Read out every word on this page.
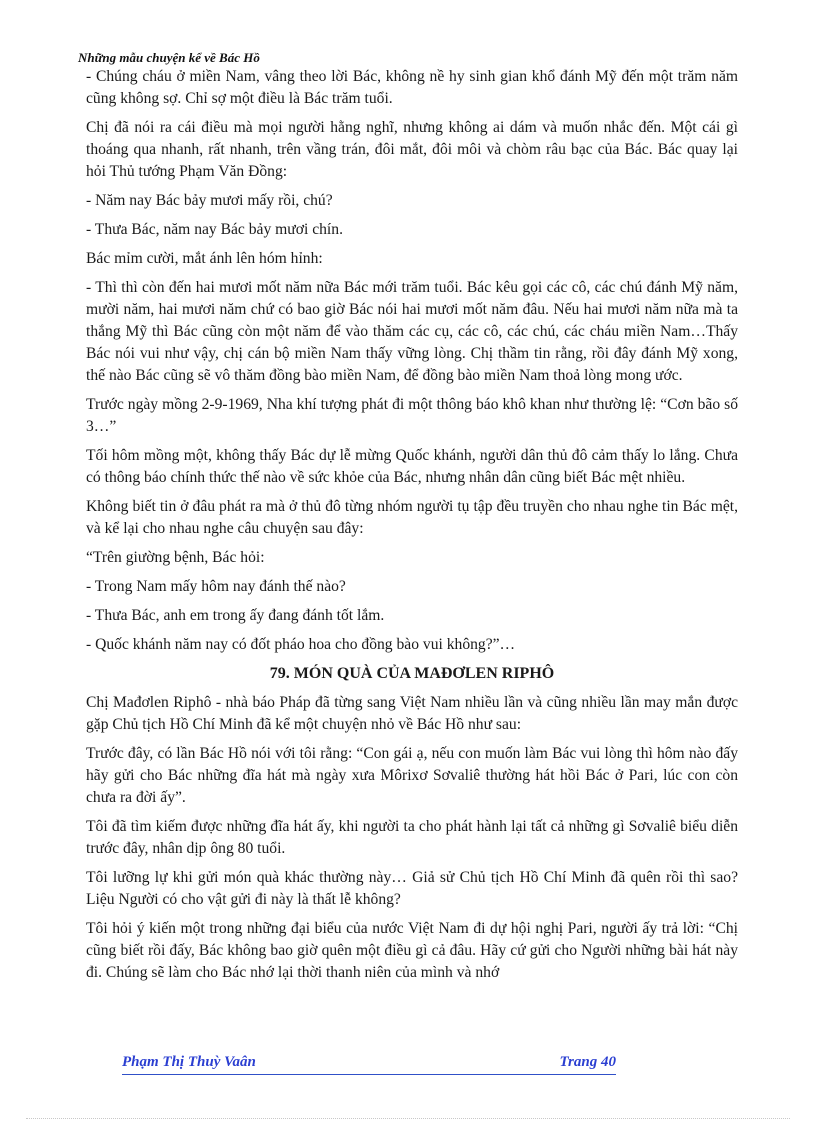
Những mẫu chuyện kể về Bác Hồ

- Chúng cháu ở miền Nam, vâng theo lời Bác, không nề hy sinh gian khổ đánh Mỹ đến một trăm năm cũng không sợ. Chỉ sợ một điều là Bác trăm tuổi.

Chị đã nói ra cái điều mà mọi người hằng nghĩ, nhưng không ai dám và muốn nhắc đến. Một cái gì thoáng qua nhanh, rất nhanh, trên vầng trán, đôi mắt, đôi môi và chòm râu bạc của Bác. Bác quay lại hỏi Thủ tướng Phạm Văn Đồng:

- Năm nay Bác bảy mươi mấy rồi, chú?

- Thưa Bác, năm nay Bác bảy mươi chín.

Bác mỉm cười, mắt ánh lên hóm hỉnh:

- Thì thì còn đến hai mươi mốt năm nữa Bác mới trăm tuổi. Bác kêu gọi các cô, các chú đánh Mỹ năm, mười năm, hai mươi năm chứ có bao giờ Bác nói hai mươi mốt năm đâu. Nếu hai mươi năm nữa mà ta thắng Mỹ thì Bác cũng còn một năm để vào thăm các cụ, các cô, các chú, các cháu miền Nam…Thấy Bác nói vui như vậy, chị cán bộ miền Nam thấy vững lòng. Chị thầm tin rằng, rồi đây đánh Mỹ xong, thế nào Bác cũng sẽ vô thăm đồng bào miền Nam, để đồng bào miền Nam thoả lòng mong ước.

Trước ngày mồng 2-9-1969, Nha khí tượng phát đi một thông báo khô khan như thường lệ: “Cơn bão số 3…”

Tối hôm mồng một, không thấy Bác dự lễ mừng Quốc khánh, người dân thủ đô cảm thấy lo lắng. Chưa có thông báo chính thức thế nào về sức khỏe của Bác, nhưng nhân dân cũng biết Bác mệt nhiều.

Không biết tin ở đâu phát ra mà ở thủ đô từng nhóm người tụ tập đều truyền cho nhau nghe tin Bác mệt, và kể lại cho nhau nghe câu chuyện sau đây:

“Trên giường bệnh, Bác hỏi:

- Trong Nam mấy hôm nay đánh thế nào?

- Thưa Bác, anh em trong ấy đang đánh tốt lắm.

- Quốc khánh năm nay có đốt pháo hoa cho đồng bào vui không?”…

79. MÓN QUÀ CỦA MAĐƠLEN RIPHÔ

Chị Mađơlen Riphô - nhà báo Pháp đã từng sang Việt Nam nhiều lần và cũng nhiều lần may mắn được gặp Chủ tịch Hồ Chí Minh đã kể một chuyện nhỏ về Bác Hồ như sau:

Trước đây, có lần Bác Hồ nói với tôi rằng: “Con gái ạ, nếu con muốn làm Bác vui lòng thì hôm nào đấy hãy gửi cho Bác những đĩa hát mà ngày xưa Môrixơ Sơvaliê thường hát hồi Bác ở Pari, lúc con còn chưa ra đời ấy”.

Tôi đã tìm kiếm được những đĩa hát ấy, khi người ta cho phát hành lại tất cả những gì Sơvaliê biểu diễn trước đây, nhân dịp ông 80 tuổi.

Tôi lưỡng lự khi gửi món quà khác thường này… Giả sử Chủ tịch Hồ Chí Minh đã quên rồi thì sao? Liệu Người có cho vật gửi đi này là thất lễ không?

Tôi hỏi ý kiến một trong những đại biểu của nước Việt Nam đi dự hội nghị Pari, người ấy trả lời: “Chị cũng biết rồi đấy, Bác không bao giờ quên một điều gì cả đâu. Hãy cứ gửi cho Người những bài hát này đi. Chúng sẽ làm cho Bác nhớ lại thời thanh niên của mình và nhớ

Phạm Thị Thuỳ Vaân	Trang 40
